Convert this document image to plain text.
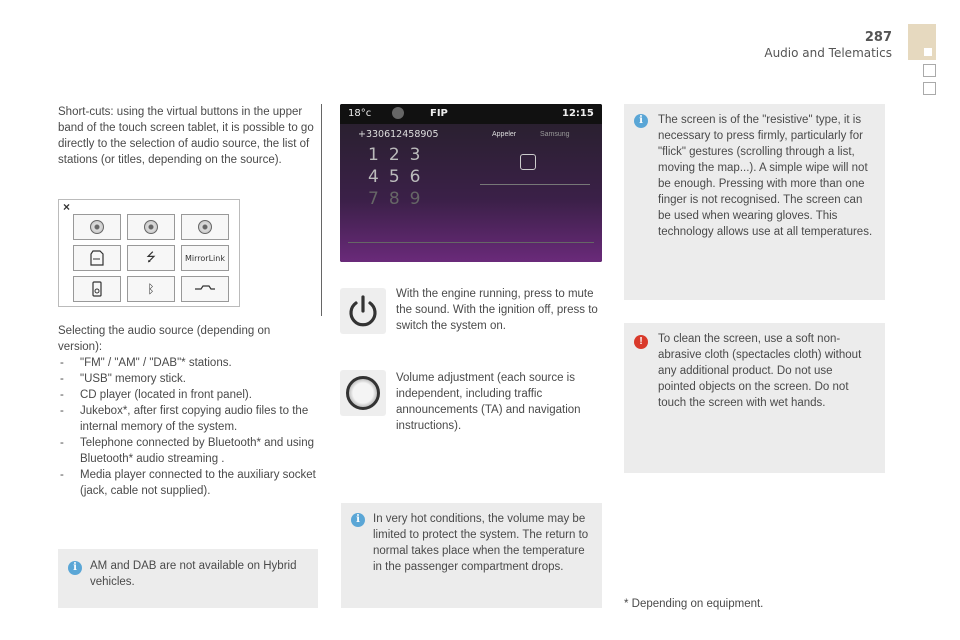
287
Audio and Telematics

Short-cuts: using the virtual buttons in the upper band of the touch screen tablet, it is possible to go directly to the selection of audio source, the list of stations (or titles, depending on the source).

×
⭍	MirrorLink
ᛒ

Selecting the audio source (depending on version):

- "FM" / "AM" / "DAB"* stations.
- "USB" memory stick.
- CD player (located in front panel).
- Jukebox*, after first copying audio files to the internal memory of the system.
- Telephone connected by Bluetooth* and using Bluetooth* audio streaming .
- Media player connected to the auxiliary socket (jack, cable not supplied).
i	AM and DAB are not available on Hybrid vehicles.

18°c	FIP	12:15
+330612458905
123
456
789
Appeler	Samsung

With the engine running, press to mute the sound. With the ignition off, press to switch the system on.

Volume adjustment (each source is independent, including traffic announcements (TA) and navigation instructions).

i	In very hot conditions, the volume may be limited to protect the system. The return to normal takes place when the temperature in the passenger compartment drops.

i	The screen is of the "resistive" type, it is necessary to press firmly, particularly for "flick" gestures (scrolling through a list, moving the map...). A simple wipe will not be enough. Pressing with more than one finger is not recognised. The screen can be used when wearing gloves. This technology allows use at all temperatures.

!	To clean the screen, use a soft non-abrasive cloth (spectacles cloth) without any additional product. Do not use pointed objects on the screen. Do not touch the screen with wet hands.

* Depending on equipment.
